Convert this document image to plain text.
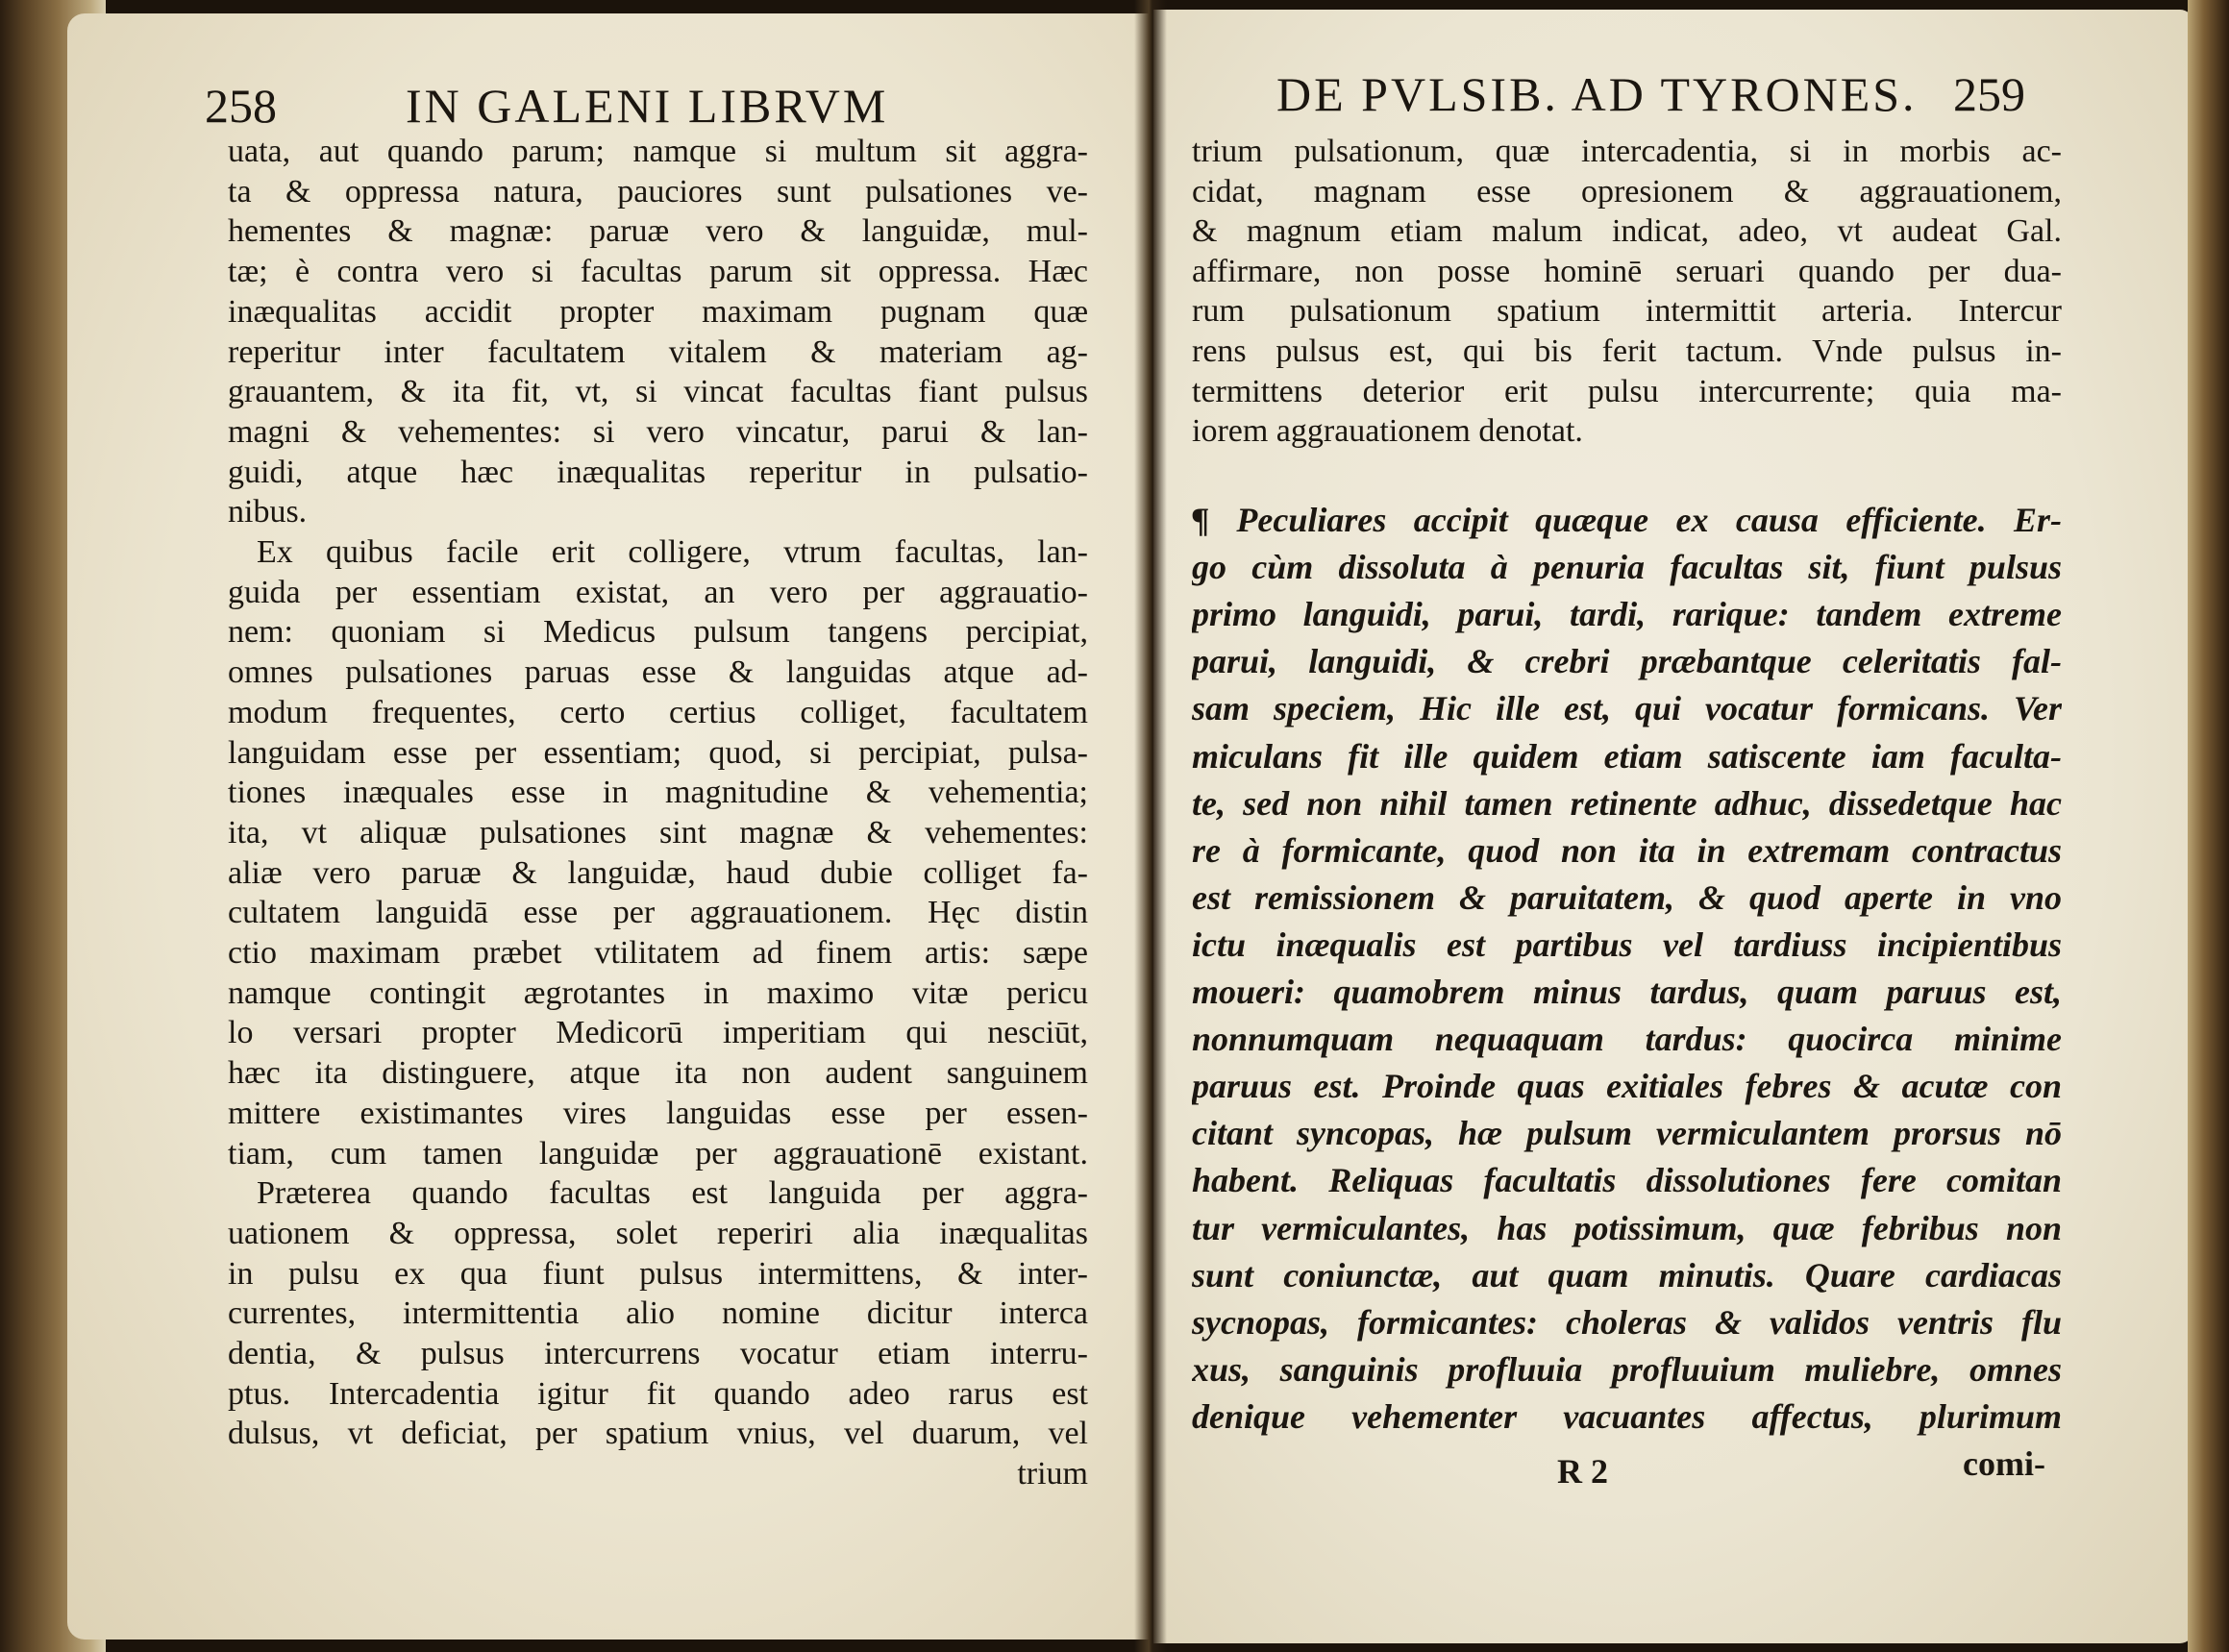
258	IN GALENI LIBRVM
uata, aut quando parum; namque si multum sit aggra-
ta & oppressa natura, pauciores sunt pulsationes ve-
hementes & magnæ: paruæ vero & languidæ, mul-
tæ; è contra vero si facultas parum sit oppressa. Hæc
inæqualitas accidit propter maximam pugnam quæ
reperitur inter facultatem vitalem & materiam ag-
grauantem, & ita fit, vt, si vincat facultas fiant pulsus
magni & vehementes: si vero vincatur, parui & lan-
guidi, atque hæc inæqualitas reperitur in pulsatio-
nibus.
Ex quibus facile erit colligere, vtrum facultas, lan-
guida per essentiam existat, an vero per aggrauatio-
nem: quoniam si Medicus pulsum tangens percipiat,
omnes pulsationes paruas esse & languidas atque ad-
modum frequentes, certo certius colliget, facultatem
languidam esse per essentiam; quod, si percipiat, pulsa-
tiones inæquales esse in magnitudine & vehementia;
ita, vt aliquæ pulsationes sint magnæ & vehementes:
aliæ vero paruæ & languidæ, haud dubie colliget fa-
cultatem languidā esse per aggrauationem. Hęc distin
ctio maximam præbet vtilitatem ad finem artis: sæpe
namque contingit ægrotantes in maximo vitæ pericu
lo versari propter Medicorū imperitiam qui nesciūt,
hæc ita distinguere, atque ita non audent sanguinem
mittere existimantes vires languidas esse per essen-
tiam, cum tamen languidæ per aggrauationē existant.
Præterea quando facultas est languida per aggra-
uationem & oppressa, solet reperiri alia inæqualitas
in pulsu ex qua fiunt pulsus intermittens, & inter-
currentes, intermittentia alio nomine dicitur interca
dentia, & pulsus intercurrens vocatur etiam interru-
ptus. Intercadentia igitur fit quando adeo rarus est
dulsus, vt deficiat, per spatium vnius, vel duarum, vel
trium
DE PVLSIB. AD TYRONES. 259
R 2	comi-
trium pulsationum, quæ intercadentia, si in morbis ac-
cidat, magnam esse opresionem & aggrauationem,
& magnum etiam malum indicat, adeo, vt audeat Gal.
affirmare, non posse hominē seruari quando per dua-
rum pulsationum spatium intermittit arteria. Intercur
rens pulsus est, qui bis ferit tactum. Vnde pulsus in-
termittens deterior erit pulsu intercurrente; quia ma-
iorem aggrauationem denotat.
¶ Peculiares accipit quæque ex causa efficiente. Er-
go cùm dissoluta à penuria facultas sit, fiunt pulsus
primo languidi, parui, tardi, rarique: tandem extreme
parui, languidi, & crebri præbantque celeritatis fal-
sam speciem, Hic ille est, qui vocatur formicans. Ver
miculans fit ille quidem etiam satiscente iam faculta-
te, sed non nihil tamen retinente adhuc, dissedetque hac
re à formicante, quod non ita in extremam contractus
est remissionem & paruitatem, & quod aperte in vno
ictu inæqualis est partibus vel tardiuss incipientibus
moueri: quamobrem minus tardus, quam paruus est,
nonnumquam nequaquam tardus: quocirca minime
paruus est. Proinde quas exitiales febres & acutæ con
citant syncopas, hæ pulsum vermiculantem prorsus nō
habent. Reliquas facultatis dissolutiones fere comitan
tur vermiculantes, has potissimum, quæ febribus non
sunt coniunctæ, aut quam minutis. Quare cardiacas
sycnopas, formicantes: choleras & validos ventris flu
xus, sanguinis profluuia profluuium muliebre, omnes
denique vehementer vacuantes affectus, plurimum
